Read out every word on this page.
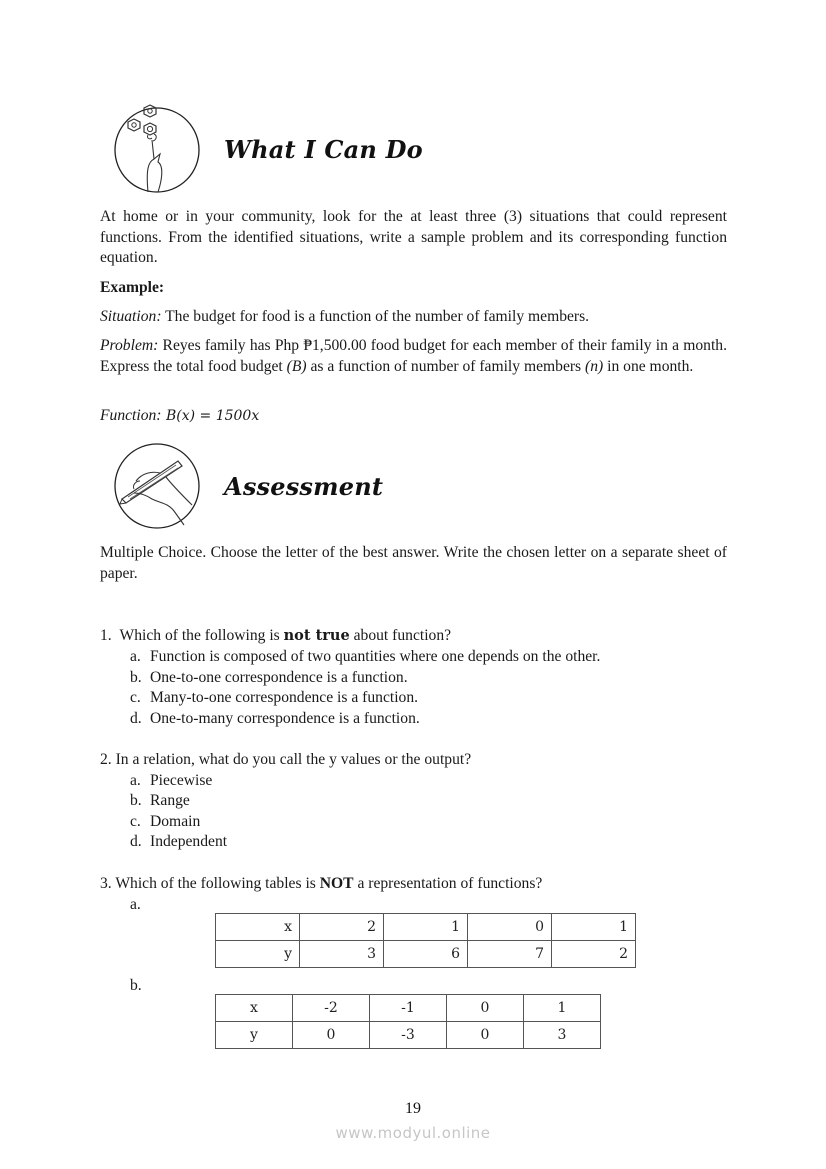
What I Can Do
At home or in your community, look for the at least three (3) situations that could represent functions. From the identified situations, write a sample problem and its corresponding function equation.
Example:
Situation: The budget for food is a function of the number of family members.
Problem: Reyes family has Php ₱1,500.00 food budget for each member of their family in a month. Express the total food budget (B) as a function of number of family members (n) in one month.
Function: B(x) = 1500x
Assessment
Multiple Choice. Choose the letter of the best answer. Write the chosen letter on a separate sheet of paper.
1. Which of the following is not true about function?
a. Function is composed of two quantities where one depends on the other.
b. One-to-one correspondence is a function.
c. Many-to-one correspondence is a function.
d. One-to-many correspondence is a function.
2. In a relation, what do you call the y values or the output?
a. Piecewise
b. Range
c. Domain
d. Independent
3. Which of the following tables is NOT a representation of functions?
a.
x	2	1	0	1
y	3	6	7	2
b.
x	-2	-1	0	1
y	0	-3	0	3
19
www.modyul.online
